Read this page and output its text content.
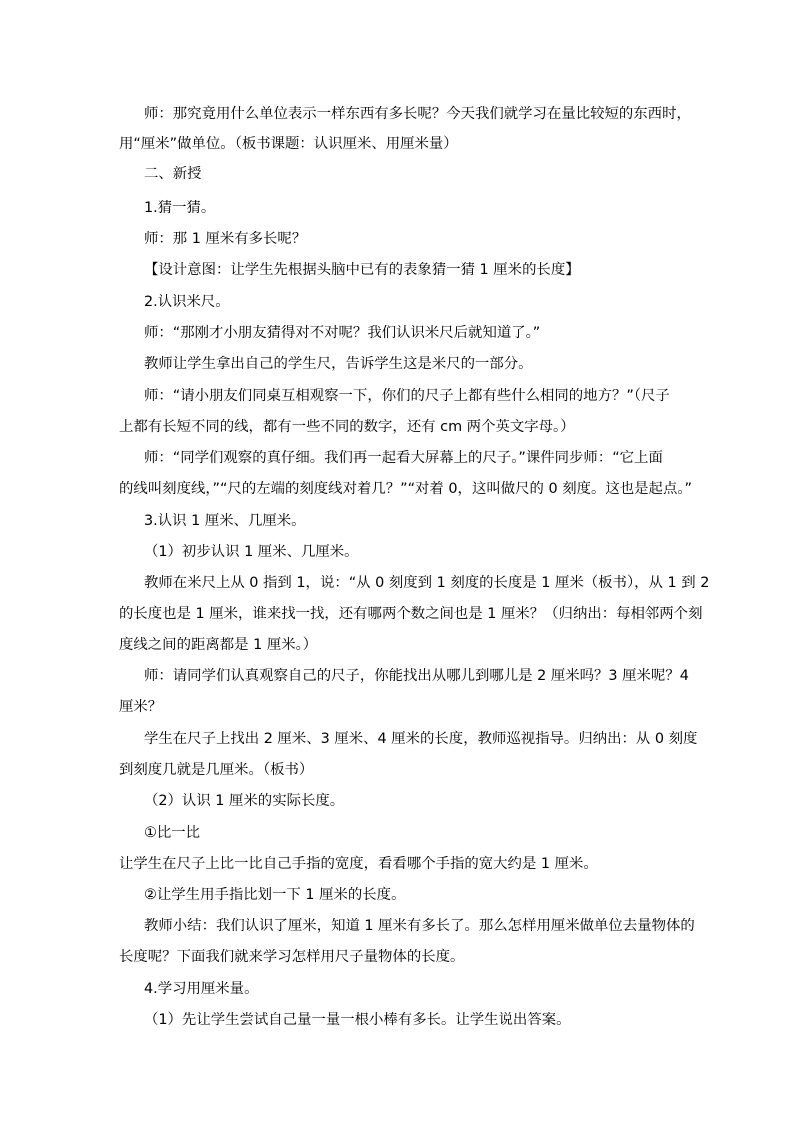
师：那究竟用什么单位表示一样东西有多长呢？今天我们就学习在量比较短的东西时，
用“厘米”做单位。（板书课题：认识厘米、用厘米量）
二、新授
1.猜一猜。
师：那 1 厘米有多长呢？
【设计意图：让学生先根据头脑中已有的表象猜一猜 1 厘米的长度】
2.认识米尺。
师：“那刚才小朋友猜得对不对呢？我们认识米尺后就知道了。”
教师让学生拿出自己的学生尺，告诉学生这是米尺的一部分。
师：“请小朋友们同桌互相观察一下，你们的尺子上都有些什么相同的地方？”（尺子
上都有长短不同的线，都有一些不同的数字，还有 cm 两个英文字母。）
师：“同学们观察的真仔细。我们再一起看大屏幕上的尺子。”课件同步师：“它上面
的线叫刻度线，”“尺的左端的刻度线对着几？”“对着 0，这叫做尺的 0 刻度。这也是起点。”
3.认识 1 厘米、几厘米。
（1）初步认识 1 厘米、几厘米。
教师在米尺上从 0 指到 1，说：“从 0 刻度到 1 刻度的长度是 1 厘米（板书），从 1 到 2
的长度也是 1 厘米，谁来找一找，还有哪两个数之间也是 1 厘米？（归纳出：每相邻两个刻
度线之间的距离都是 1 厘米。）
师：请同学们认真观察自己的尺子，你能找出从哪儿到哪儿是 2 厘米吗？3 厘米呢？4
厘米？
学生在尺子上找出 2 厘米、3 厘米、4 厘米的长度，教师巡视指导。归纳出：从 0 刻度
到刻度几就是几厘米。（板书）
（2）认识 1 厘米的实际长度。
①比一比
让学生在尺子上比一比自己手指的宽度，看看哪个手指的宽大约是 1 厘米。
②让学生用手指比划一下 1 厘米的长度。
教师小结：我们认识了厘米，知道 1 厘米有多长了。那么怎样用厘米做单位去量物体的
长度呢？下面我们就来学习怎样用尺子量物体的长度。
4.学习用厘米量。
（1）先让学生尝试自己量一量一根小棒有多长。让学生说出答案。
